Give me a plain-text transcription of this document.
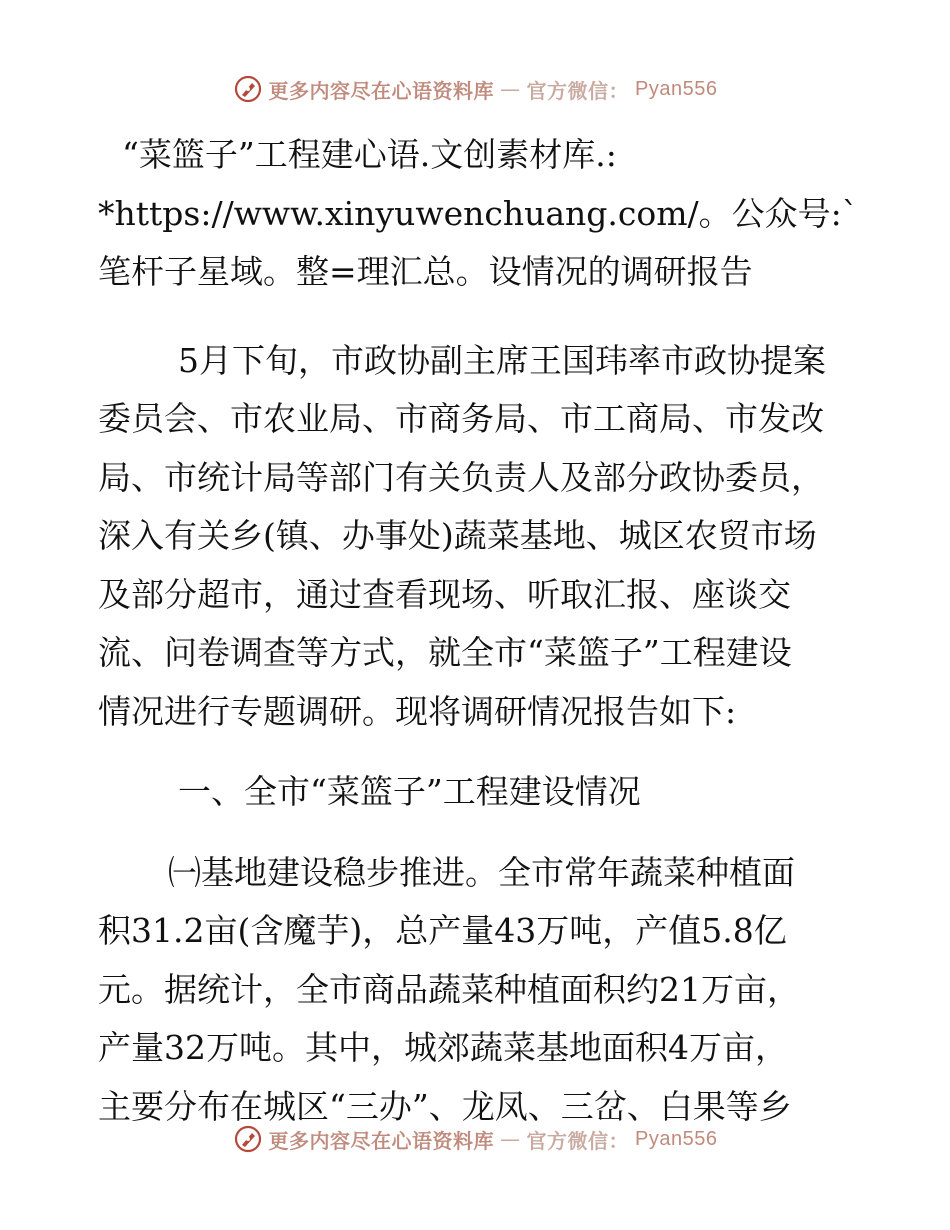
更多内容尽在心语资料库 — 官方微信： Pyan556

“菜篮子”工程建心语.文创素材库.:
*https://www.xinyuwenchuang.com/。公众号:`
笔杆子星域。整=理汇总。设情况的调研报告

5月下旬，市政协副主席王国玮率市政协提案
委员会、市农业局、市商务局、市工商局、市发改
局、市统计局等部门有关负责人及部分政协委员，
深入有关乡(镇、办事处)蔬菜基地、城区农贸市场
及部分超市，通过查看现场、听取汇报、座谈交
流、问卷调查等方式，就全市“菜篮子”工程建设
情况进行专题调研。现将调研情况报告如下:

一、全市“菜篮子”工程建设情况

㈠基地建设稳步推进。全市常年蔬菜种植面
积31.2亩(含魔芋)，总产量43万吨，产值5.8亿
元。据统计，全市商品蔬菜种植面积约21万亩，
产量32万吨。其中，城郊蔬菜基地面积4万亩，
主要分布在城区“三办”、龙凤、三岔、白果等乡

更多内容尽在心语资料库 — 官方微信： Pyan556
